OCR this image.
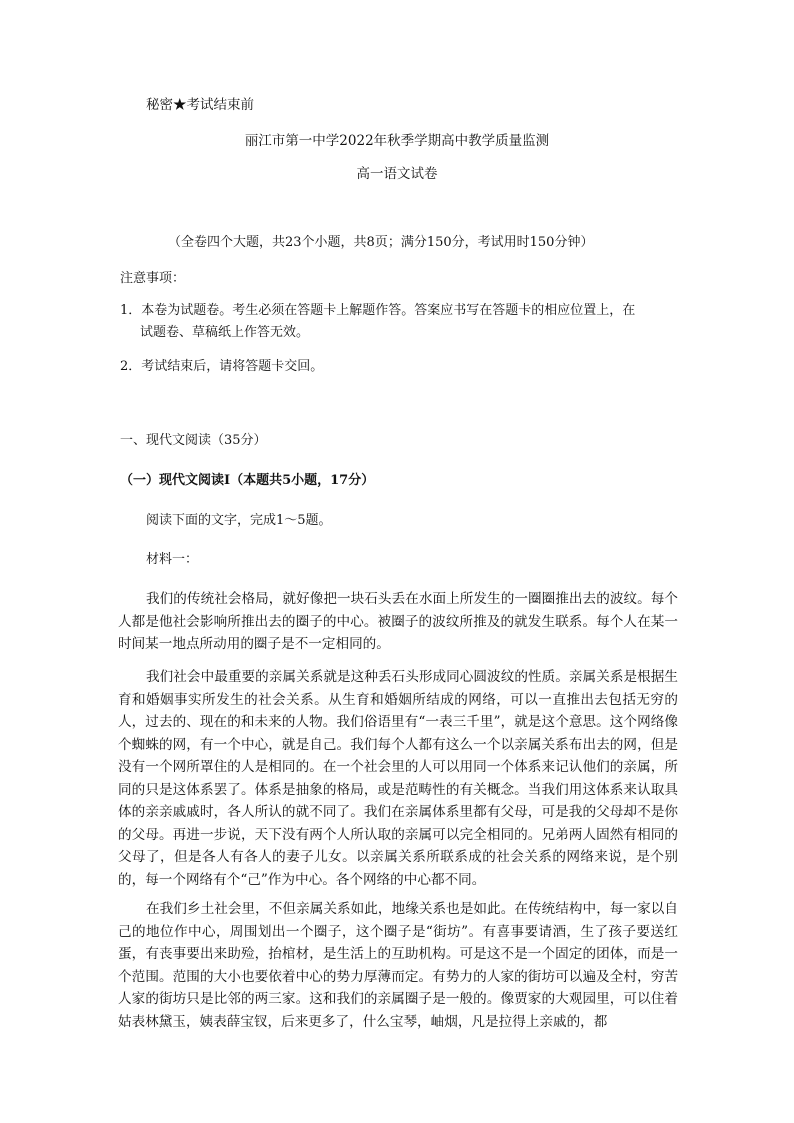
秘密★考试结束前
丽江市第一中学2022年秋季学期高中教学质量监测
高一语文试卷
（全卷四个大题，共23个小题，共8页；满分150分，考试用时150分钟）
注意事项：
1．本卷为试题卷。考生必须在答题卡上解题作答。答案应书写在答题卡的相应位置上，在
试题卷、草稿纸上作答无效。
2．考试结束后，请将答题卡交回。
一、现代文阅读（35分）
（一）现代文阅读Ⅰ（本题共5小题，17分）
阅读下面的文字，完成1～5题。
材料一：

我们的传统社会格局，就好像把一块石头丢在水面上所发生的一圈圈推出去的波纹。每个人都是他社会影响所推出去的圈子的中心。被圈子的波纹所推及的就发生联系。每个人在某一时间某一地点所动用的圈子是不一定相同的。

我们社会中最重要的亲属关系就是这种丢石头形成同心圆波纹的性质。亲属关系是根据生育和婚姻事实所发生的社会关系。从生育和婚姻所结成的网络，可以一直推出去包括无穷的人，过去的、现在的和未来的人物。我们俗语里有“一表三千里”，就是这个意思。这个网络像个蜘蛛的网，有一个中心，就是自己。我们每个人都有这么一个以亲属关系布出去的网，但是没有一个网所罩住的人是相同的。在一个社会里的人可以用同一个体系来记认他们的亲属，所同的只是这体系罢了。体系是抽象的格局，或是范畴性的有关概念。当我们用这体系来认取具体的亲亲戚戚时，各人所认的就不同了。我们在亲属体系里都有父母，可是我的父母却不是你的父母。再进一步说，天下没有两个人所认取的亲属可以完全相同的。兄弟两人固然有相同的父母了，但是各人有各人的妻子儿女。以亲属关系所联系成的社会关系的网络来说，是个别的，每一个网络有个“己”作为中心。各个网络的中心都不同。

在我们乡土社会里，不但亲属关系如此，地缘关系也是如此。在传统结构中，每一家以自己的地位作中心，周围划出一个圈子，这个圈子是“街坊”。有喜事要请酒，生了孩子要送红蛋，有丧事要出来助殓，抬棺材，是生活上的互助机构。可是这不是一个固定的团体，而是一个范围。范围的大小也要依着中心的势力厚薄而定。有势力的人家的街坊可以遍及全村，穷苦人家的街坊只是比邻的两三家。这和我们的亲属圈子是一般的。像贾家的大观园里，可以住着姑表林黛玉，姨表薛宝钗，后来更多了，什么宝琴，岫烟，凡是拉得上亲戚的，都
